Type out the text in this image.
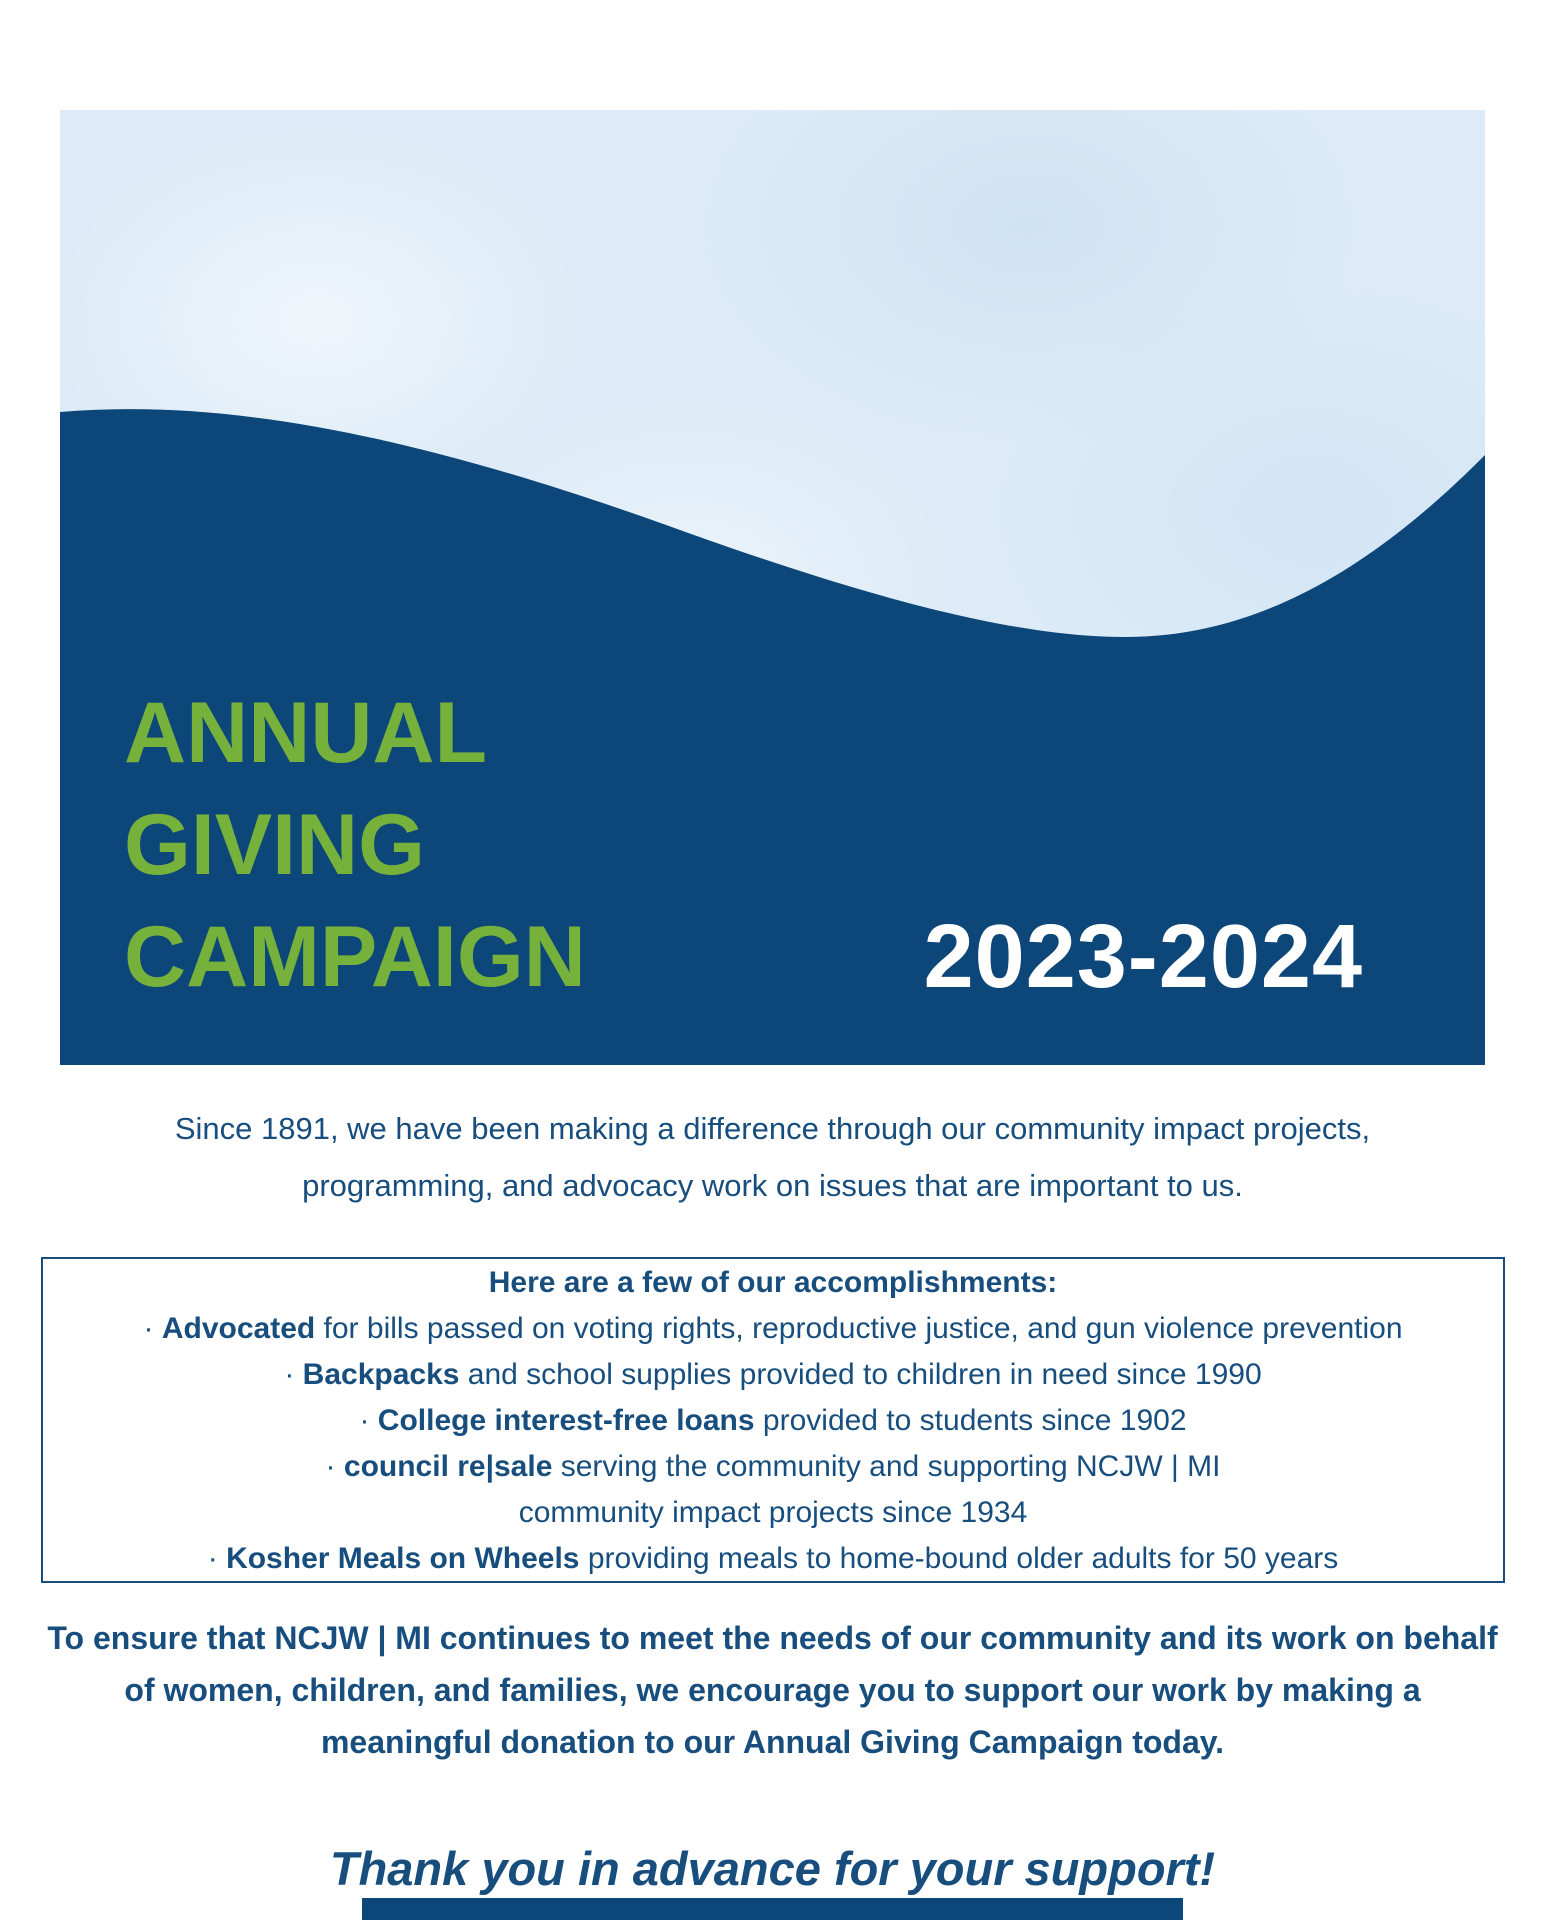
ANNUAL
GIVING
CAMPAIGN	2023-2024

Since 1891, we have been making a difference through our community impact projects, programming, and advocacy work on issues that are important to us.

Here are a few of our accomplishments:
· Advocated for bills passed on voting rights, reproductive justice, and gun violence prevention
· Backpacks and school supplies provided to children in need since 1990
· College interest-free loans provided to students since 1902
· council re|sale serving the community and supporting NCJW | MI community impact projects since 1934
· Kosher Meals on Wheels providing meals to home-bound older adults for 50 years

To ensure that NCJW | MI continues to meet the needs of our community and its work on behalf of women, children, and families, we encourage you to support our work by making a meaningful donation to our Annual Giving Campaign today.

Thank you in advance for your support!
